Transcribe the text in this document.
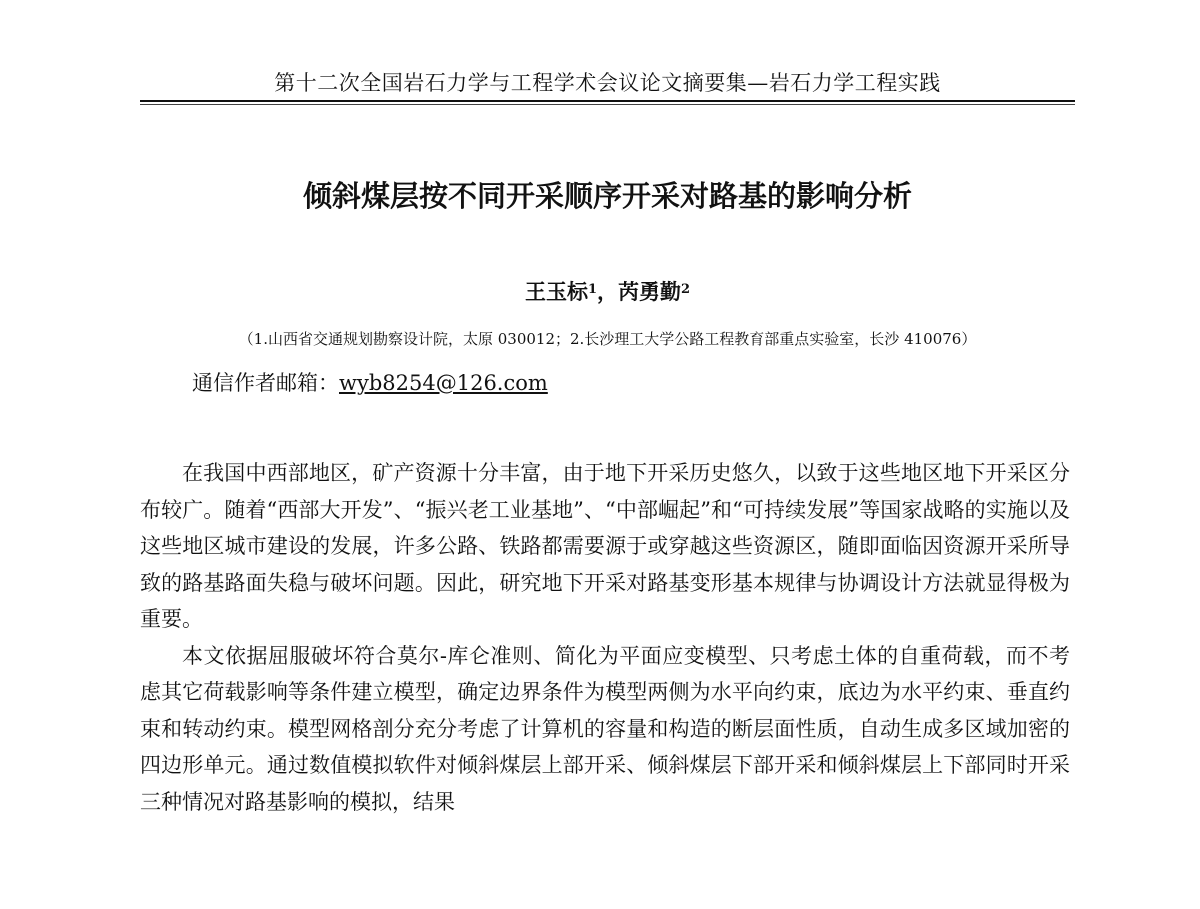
第十二次全国岩石力学与工程学术会议论文摘要集—岩石力学工程实践
倾斜煤层按不同开采顺序开采对路基的影响分析
王玉标$^1$，芮勇勤$^2$
（1.山西省交通规划勘察设计院，太原 030012；2.长沙理工大学公路工程教育部重点实验室，长沙 410076）
通信作者邮箱：wyb8254@126.com

在我国中西部地区，矿产资源十分丰富，由于地下开采历史悠久，以致于这些地区地下开采区分布较广。随着“西部大开发”、“振兴老工业基地”、“中部崛起”和“可持续发展”等国家战略的实施以及这些地区城市建设的发展，许多公路、铁路都需要源于或穿越这些资源区，随即面临因资源开采所导致的路基路面失稳与破坏问题。因此，研究地下开采对路基变形基本规律与协调设计方法就显得极为重要。

本文依据屈服破坏符合莫尔-库仑准则、简化为平面应变模型、只考虑土体的自重荷载，而不考虑其它荷载影响等条件建立模型，确定边界条件为模型两侧为水平向约束，底边为水平约束、垂直约束和转动约束。模型网格剖分充分考虑了计算机的容量和构造的断层面性质，自动生成多区域加密的四边形单元。通过数值模拟软件对倾斜煤层上部开采、倾斜煤层下部开采和倾斜煤层上下部同时开采三种情况对路基影响的模拟，结果
